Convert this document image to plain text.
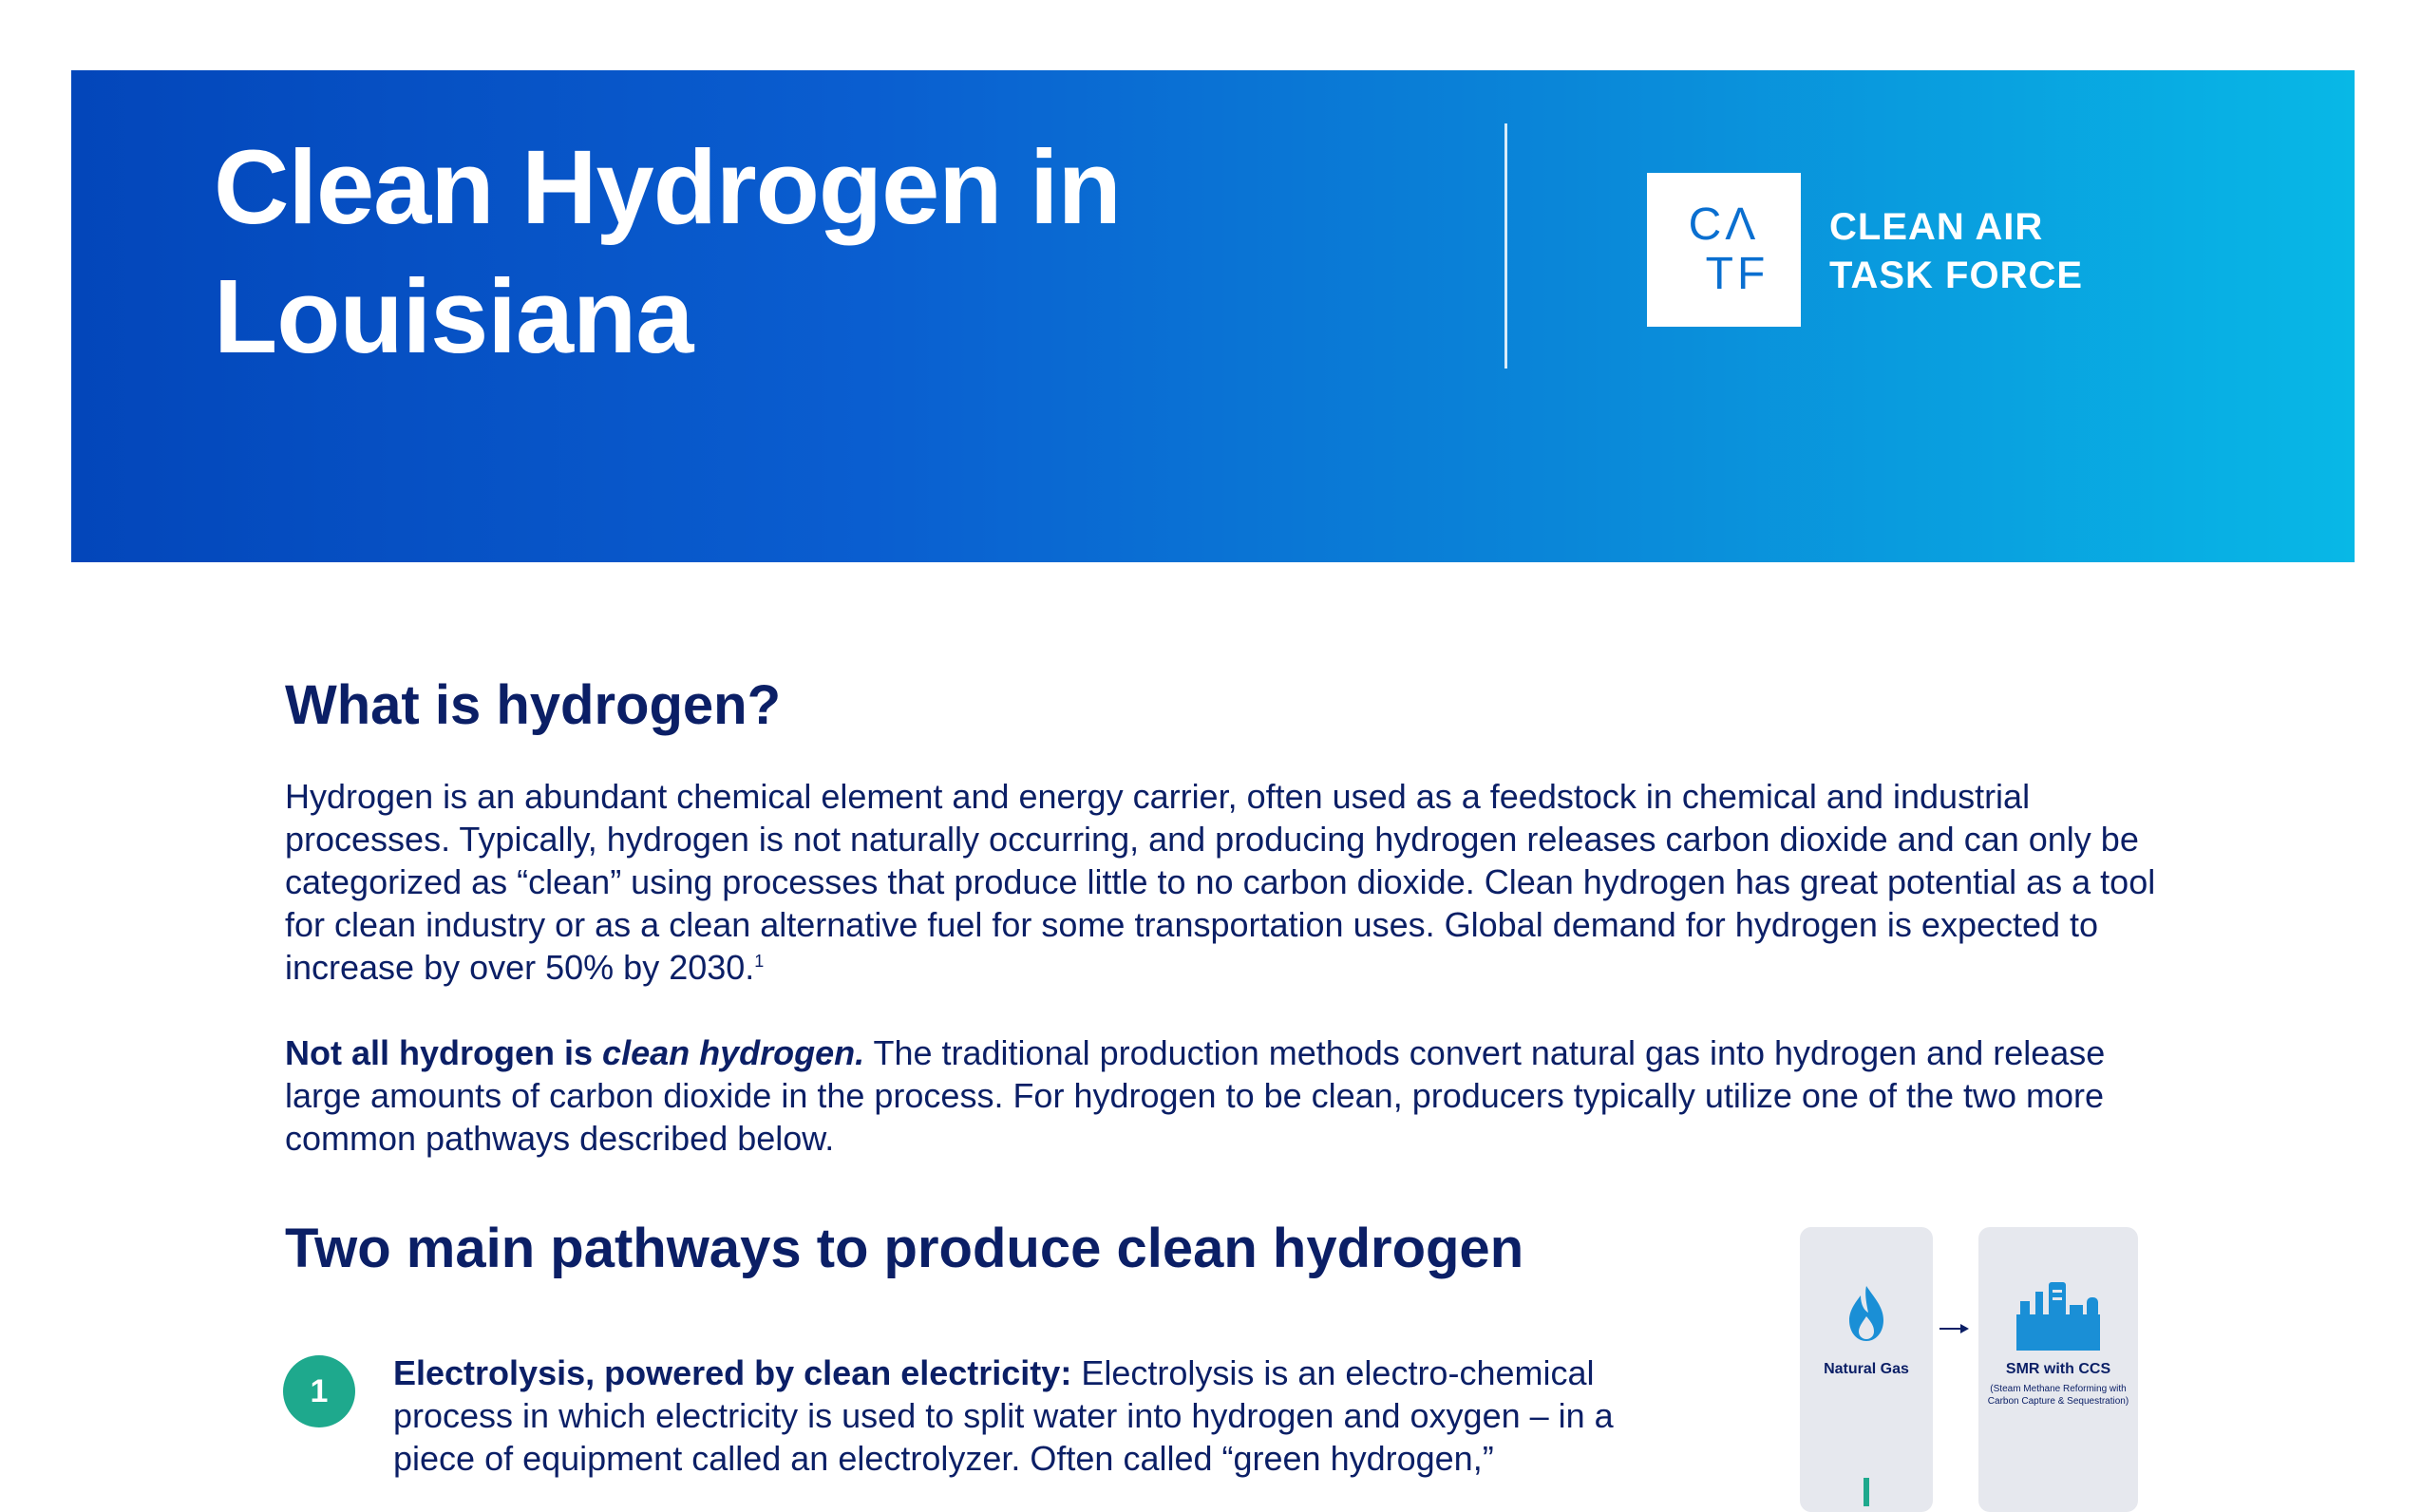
Clean Hydrogen in
Louisiana
CΛ
TF
CLEAN AIR
TASK FORCE
What is hydrogen?

Hydrogen is an abundant chemical element and energy carrier, often used as a feedstock in chemical and industrial processes. Typically, hydrogen is not naturally occurring, and producing hydrogen releases carbon dioxide and can only be categorized as “clean” using processes that produce little to no carbon dioxide. Clean hydrogen has great potential as a tool for clean industry or as a clean alternative fuel for some transportation uses. Global demand for hydrogen is expected to increase by over 50% by 2030.$^1$

Not all hydrogen is clean hydrogen. The traditional production methods convert natural gas into hydrogen and release large amounts of carbon dioxide in the process. For hydrogen to be clean, producers typically utilize one of the two more common pathways described below.

Two main pathways to produce clean hydrogen
1	Electrolysis, powered by clean electricity: Electrolysis is an electro-chemical process in which electricity is used to split water into hydrogen and oxygen – in a piece of equipment called an electrolyzer. Often called “green hydrogen,”

Natural Gas	SMR with CCS
(Steam Methane Reforming with Carbon Capture & Sequestration)
